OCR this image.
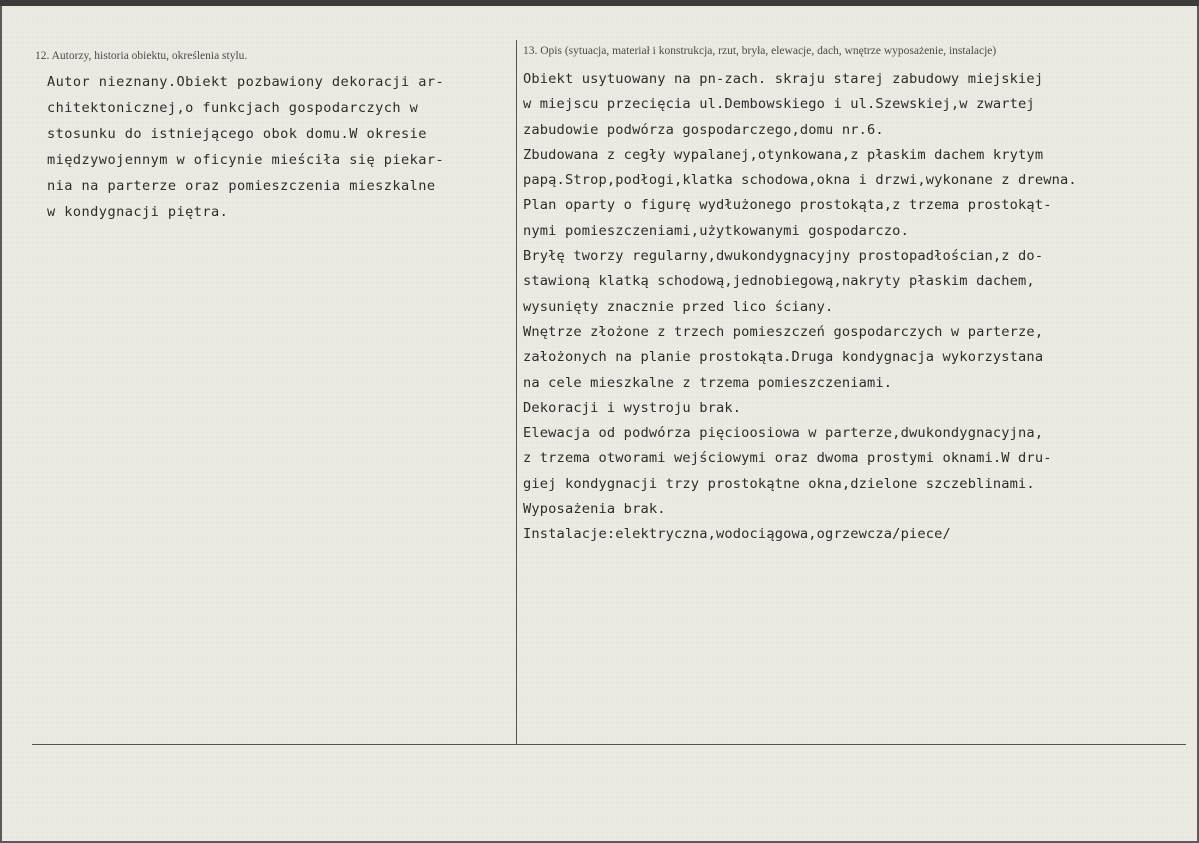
12. Autorzy, historia obiektu, określenia stylu.	13. Opis (sytuacja, materiał i konstrukcja, rzut, bryła, elewacje, dach, wnętrze wyposażenie, instalacje)
Autor nieznany.Obiekt pozbawiony dekoracji ar-
chitektonicznej,o funkcjach gospodarczych w
stosunku do istniejącego obok domu.W okresie
międzywojennym w oficynie mieściła się piekar-
nia na parterze oraz pomieszczenia mieszkalne
w kondygnacji piętra.
Obiekt usytuowany na pn-zach. skraju starej zabudowy miejskiej
w miejscu przecięcia ul.Dembowskiego i ul.Szewskiej,w zwartej
zabudowie podwórza gospodarczego,domu nr.6.
Zbudowana z cegły wypalanej,otynkowana,z płaskim dachem krytym
papą.Strop,podłogi,klatka schodowa,okna i drzwi,wykonane z drewna.
Plan oparty o figurę wydłużonego prostokąta,z trzema prostokąt-
nymi pomieszczeniami,użytkowanymi gospodarczo.
Bryłę tworzy regularny,dwukondygnacyjny prostopadłościan,z do-
stawioną klatką schodową,jednobiegową,nakryty płaskim dachem,
wysunięty znacznie przed lico ściany.
Wnętrze złożone z trzech pomieszczeń gospodarczych w parterze,
założonych na planie prostokąta.Druga kondygnacja wykorzystana
na cele mieszkalne z trzema pomieszczeniami.
Dekoracji i wystroju brak.
Elewacja od podwórza pięcioosiowa w parterze,dwukondygnacyjna,
z trzema otworami wejściowymi oraz dwoma prostymi oknami.W dru-
giej kondygnacji trzy prostokątne okna,dzielone szczeblinami.
Wyposażenia brak.
Instalacje:elektryczna,wodociągowa,ogrzewcza/piece/
